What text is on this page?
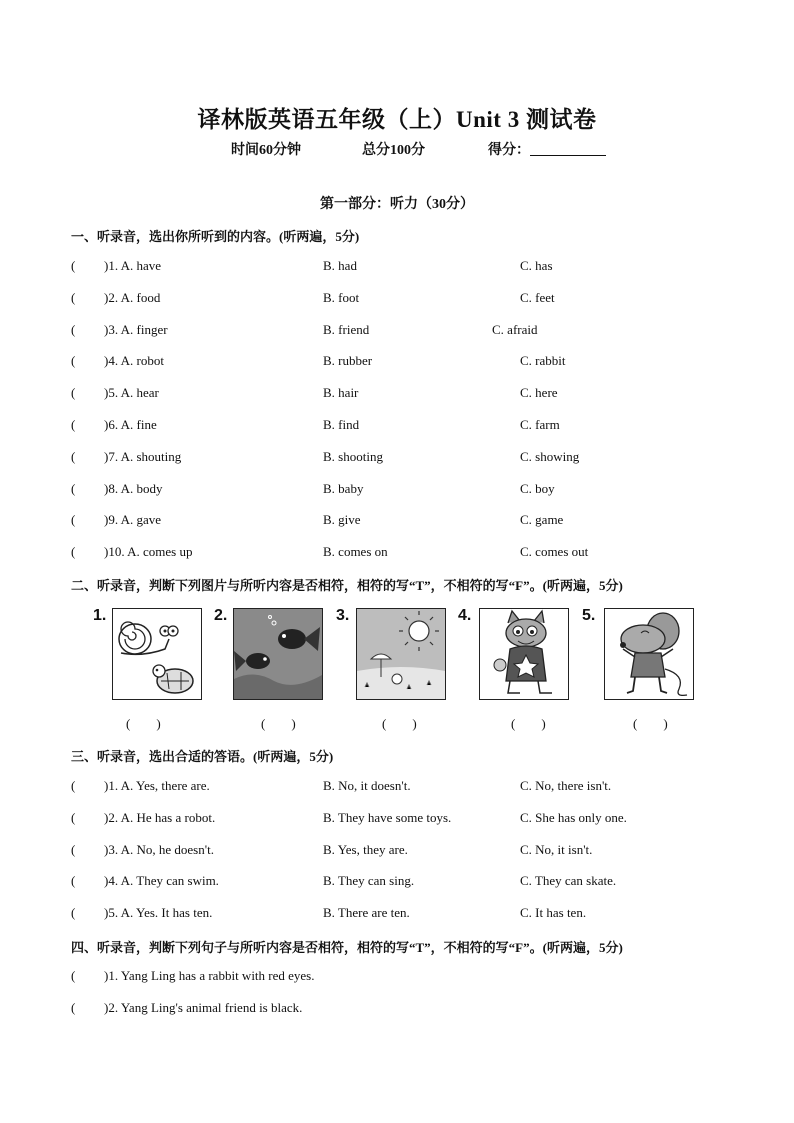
译林版英语五年级（上）Unit 3 测试卷
时间60分钟	总分100分	得分：
第一部分：听力（30分）
一、听录音，选出你所听到的内容。(听两遍，5分)
( )1. A. have	B. had	C. has
( )2. A. food	B. foot	C. feet
( )3. A. finger	B. friend	C. afraid
( )4. A. robot	B. rubber	C. rabbit
( )5. A. hear	B. hair	C. here
( )6. A. fine	B. find	C. farm
( )7. A. shouting	B. shooting	C. showing
( )8. A. body	B. baby	C. boy
( )9. A. gave	B. give	C. game
( )10. A. comes up	B. comes on	C. comes out
二、听录音，判断下列图片与所听内容是否相符，相符的写“T”，不相符的写“F”。(听两遍，5分)
1.	2.	3.	4.	5.
(　　)	(　　)	(　　)	(　　)	(　　)
三、听录音，选出合适的答语。(听两遍，5分)
( )1. A. Yes, there are.	B. No, it doesn't.	C. No, there isn't.
( )2. A. He has a robot.	B. They have some toys.	C. She has only one.
( )3. A. No, he doesn't.	B. Yes, they are.	C. No, it isn't.
( )4. A. They can swim.	B. They can sing.	C. They can skate.
( )5. A. Yes. It has ten.	B. There are ten.	C. It has ten.
四、听录音，判断下列句子与所听内容是否相符，相符的写“T”，不相符的写“F”。(听两遍，5分)
( )1. Yang Ling has a rabbit with red eyes.
( )2. Yang Ling's animal friend is black.
